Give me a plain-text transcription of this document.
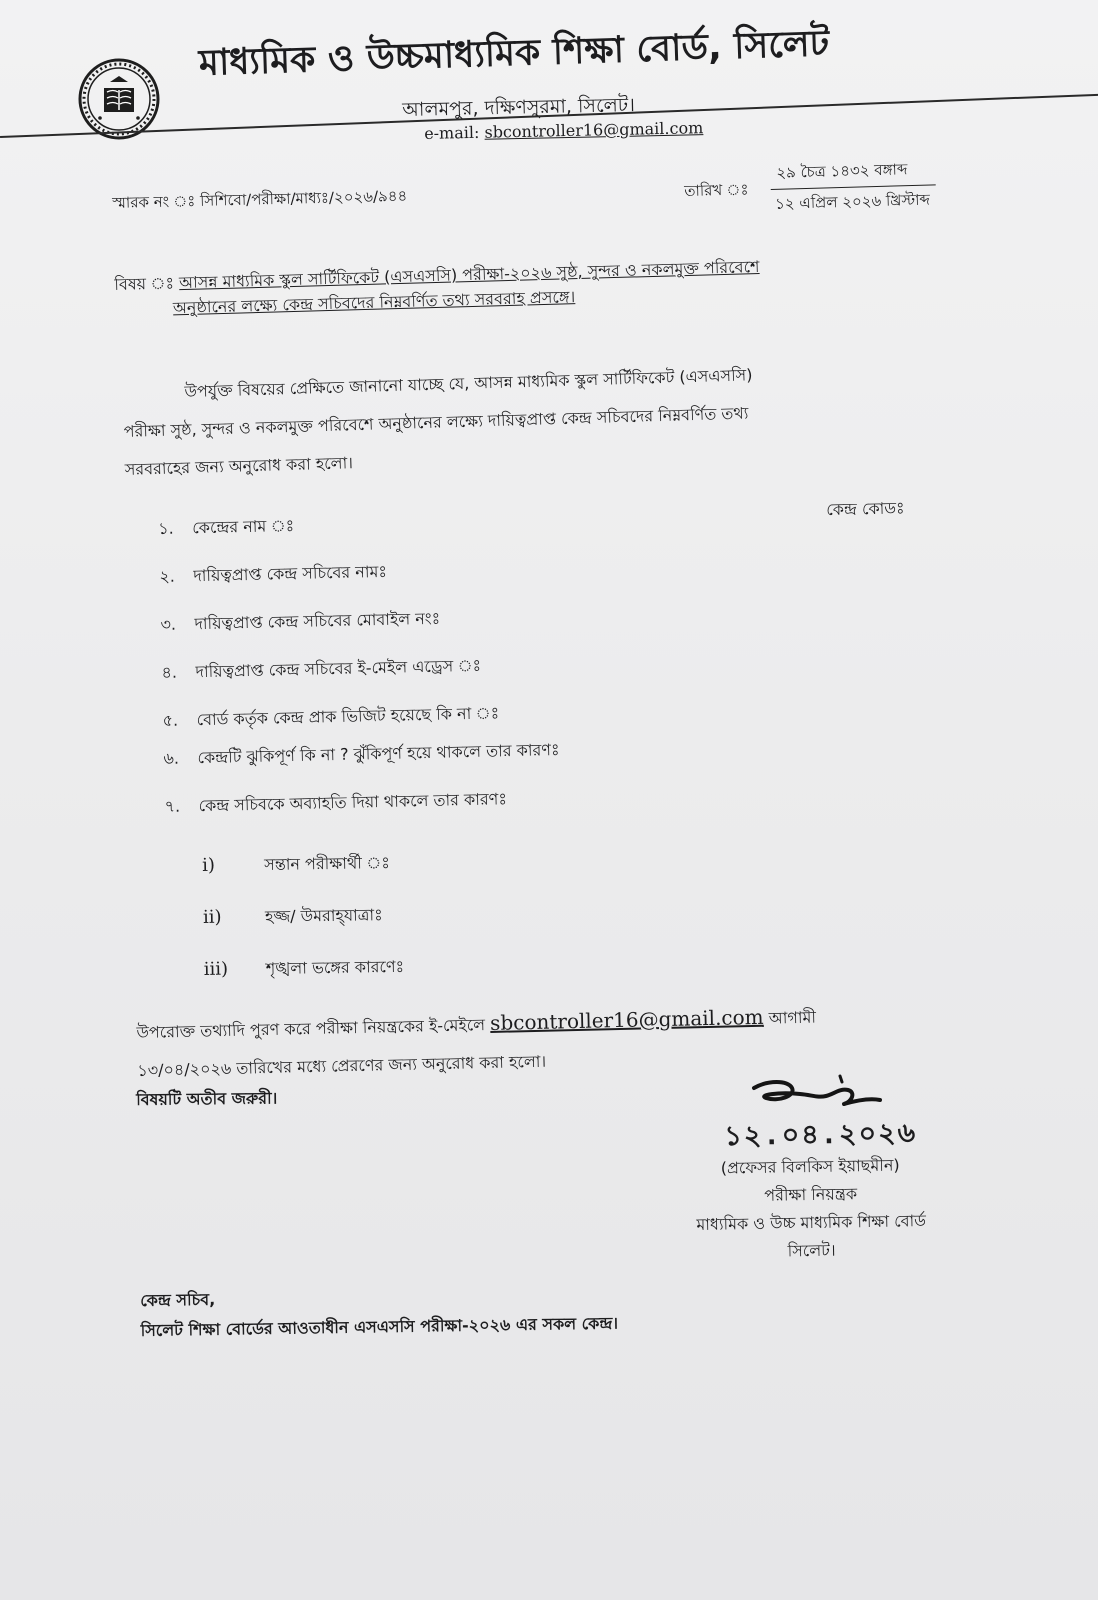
মাধ্যমিক ও উচ্চমাধ্যমিক শিক্ষা বোর্ড, সিলেট
আলমপুর, দক্ষিণসুরমা, সিলেট।
e-mail: sbcontroller16@gmail.com
স্মারক নং ঃ সিশিবো/পরীক্ষা/মাধ্যঃ/২০২৬/৯৪৪	তারিখ ঃ
২৯ চৈত্র ১৪৩২ বঙ্গাব্দ
১২ এপ্রিল ২০২৬ খ্রিস্টাব্দ
বিষয় ঃ আসন্ন মাধ্যমিক স্কুল সার্টিফিকেট (এসএসসি) পরীক্ষা-২০২৬ সুষ্ঠ, সুন্দর ও নকলমুক্ত পরিবেশে
অনুষ্ঠানের লক্ষ্যে কেন্দ্র সচিবদের নিম্নবর্ণিত তথ্য সরবরাহ প্রসঙ্গে।
উপর্যুক্ত বিষয়ের প্রেক্ষিতে জানানো যাচ্ছে যে, আসন্ন মাধ্যমিক স্কুল সার্টিফিকেট (এসএসসি)
পরীক্ষা সুষ্ঠ, সুন্দর ও নকলমুক্ত পরিবেশে অনুষ্ঠানের লক্ষ্যে দায়িত্বপ্রাপ্ত কেন্দ্র সচিবদের নিম্নবর্ণিত তথ্য
সরবরাহের জন্য অনুরোধ করা হলো।
কেন্দ্র কোডঃ
১. কেন্দ্রের নাম ঃ
২. দায়িত্বপ্রাপ্ত কেন্দ্র সচিবের নামঃ
৩. দায়িত্বপ্রাপ্ত কেন্দ্র সচিবের মোবাইল নংঃ
৪. দায়িত্বপ্রাপ্ত কেন্দ্র সচিবের ই-মেইল এড্রেস ঃ
৫. বোর্ড কর্তৃক কেন্দ্র প্রাক ভিজিট হয়েছে কি না ঃ
৬. কেন্দ্রটি ঝুকিপূর্ণ কি না ? ঝুঁকিপূর্ণ হয়ে থাকলে তার কারণঃ
৭. কেন্দ্র সচিবকে অব্যাহতি দিয়া থাকলে তার কারণঃ
i)	সন্তান পরীক্ষার্থী ঃ
ii)	হজ্জ/ উমরাহ্‌যাত্রাঃ
iii) শৃঙ্খলা ভঙ্গের কারণেঃ
উপরোক্ত তথ্যাদি পুরণ করে পরীক্ষা নিয়ন্ত্রকের ই-মেইলে sbcontroller16@gmail.com আগামী
১৩/০৪/২০২৬ তারিখের মধ্যে প্রেরণের জন্য অনুরোধ করা হলো।
বিষয়টি অতীব জরুরী।
১২.০৪.২০২৬
(প্রফেসর বিলকিস ইয়াছমীন)
পরীক্ষা নিয়ন্ত্রক
মাধ্যমিক ও উচ্চ মাধ্যমিক শিক্ষা বোর্ড
সিলেট।
কেন্দ্র সচিব,
সিলেট শিক্ষা বোর্ডের আওতাধীন এসএসসি পরীক্ষা-২০২৬ এর সকল কেন্দ্র।
